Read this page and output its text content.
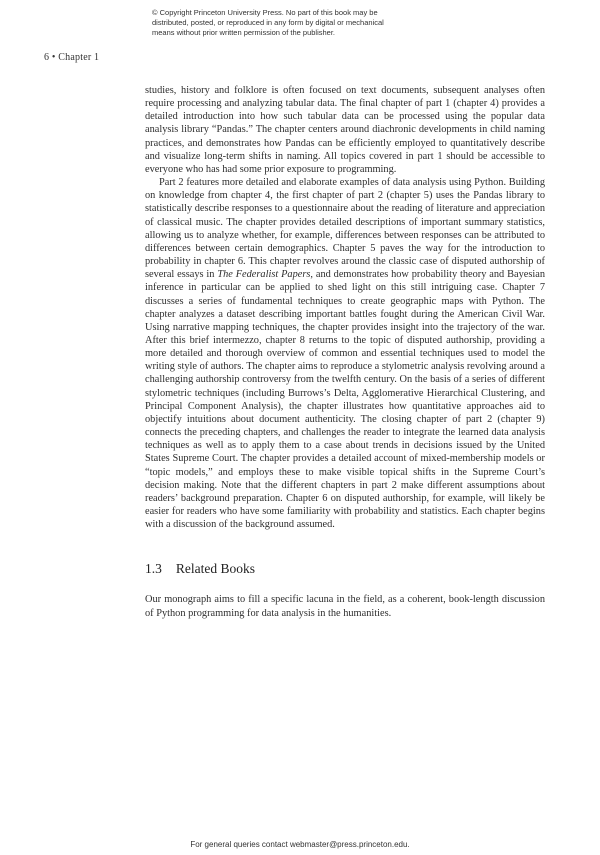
© Copyright Princeton University Press. No part of this book may be
distributed, posted, or reproduced in any form by digital or mechanical
means without prior written permission of the publisher.
6 • Chapter 1

studies, history and folklore is often focused on text documents, subsequent analyses often require processing and analyzing tabular data. The final chapter of part 1 (chapter 4) provides a detailed introduction into how such tabular data can be processed using the popular data analysis library “Pandas.” The chapter centers around diachronic developments in child naming practices, and demonstrates how Pandas can be efficiently employed to quantitatively describe and visualize long-term shifts in naming. All topics covered in part 1 should be accessible to everyone who has had some prior exposure to programming.

Part 2 features more detailed and elaborate examples of data analysis using Python. Building on knowledge from chapter 4, the first chapter of part 2 (chapter 5) uses the Pandas library to statistically describe responses to a questionnaire about the reading of literature and appreciation of classical music. The chapter provides detailed descriptions of important summary statistics, allowing us to analyze whether, for example, differences between responses can be attributed to differences between certain demographics. Chapter 5 paves the way for the introduction to probability in chapter 6. This chapter revolves around the classic case of disputed authorship of several essays in The Federalist Papers, and demonstrates how probability theory and Bayesian inference in particular can be applied to shed light on this still intriguing case. Chapter 7 discusses a series of fundamental techniques to create geographic maps with Python. The chapter analyzes a dataset describing important battles fought during the American Civil War. Using narrative mapping techniques, the chapter provides insight into the trajectory of the war. After this brief intermezzo, chapter 8 returns to the topic of disputed authorship, providing a more detailed and thorough overview of common and essential techniques used to model the writing style of authors. The chapter aims to reproduce a stylometric analysis revolving around a challenging authorship controversy from the twelfth century. On the basis of a series of different stylometric techniques (including Burrows’s Delta, Agglomerative Hierarchical Clustering, and Principal Component Analysis), the chapter illustrates how quantitative approaches aid to objectify intuitions about document authenticity. The closing chapter of part 2 (chapter 9) connects the preceding chapters, and challenges the reader to integrate the learned data analysis techniques as well as to apply them to a case about trends in decisions issued by the United States Supreme Court. The chapter provides a detailed account of mixed-membership models or “topic models,” and employs these to make visible topical shifts in the Supreme Court’s decision making. Note that the different chapters in part 2 make different assumptions about readers’ background preparation. Chapter 6 on disputed authorship, for example, will likely be easier for readers who have some familiarity with probability and statistics. Each chapter begins with a discussion of the background assumed.

1.3 Related Books

Our monograph aims to fill a specific lacuna in the field, as a coherent, book-length discussion of Python programming for data analysis in the humanities.

For general queries contact webmaster@press.princeton.edu.
